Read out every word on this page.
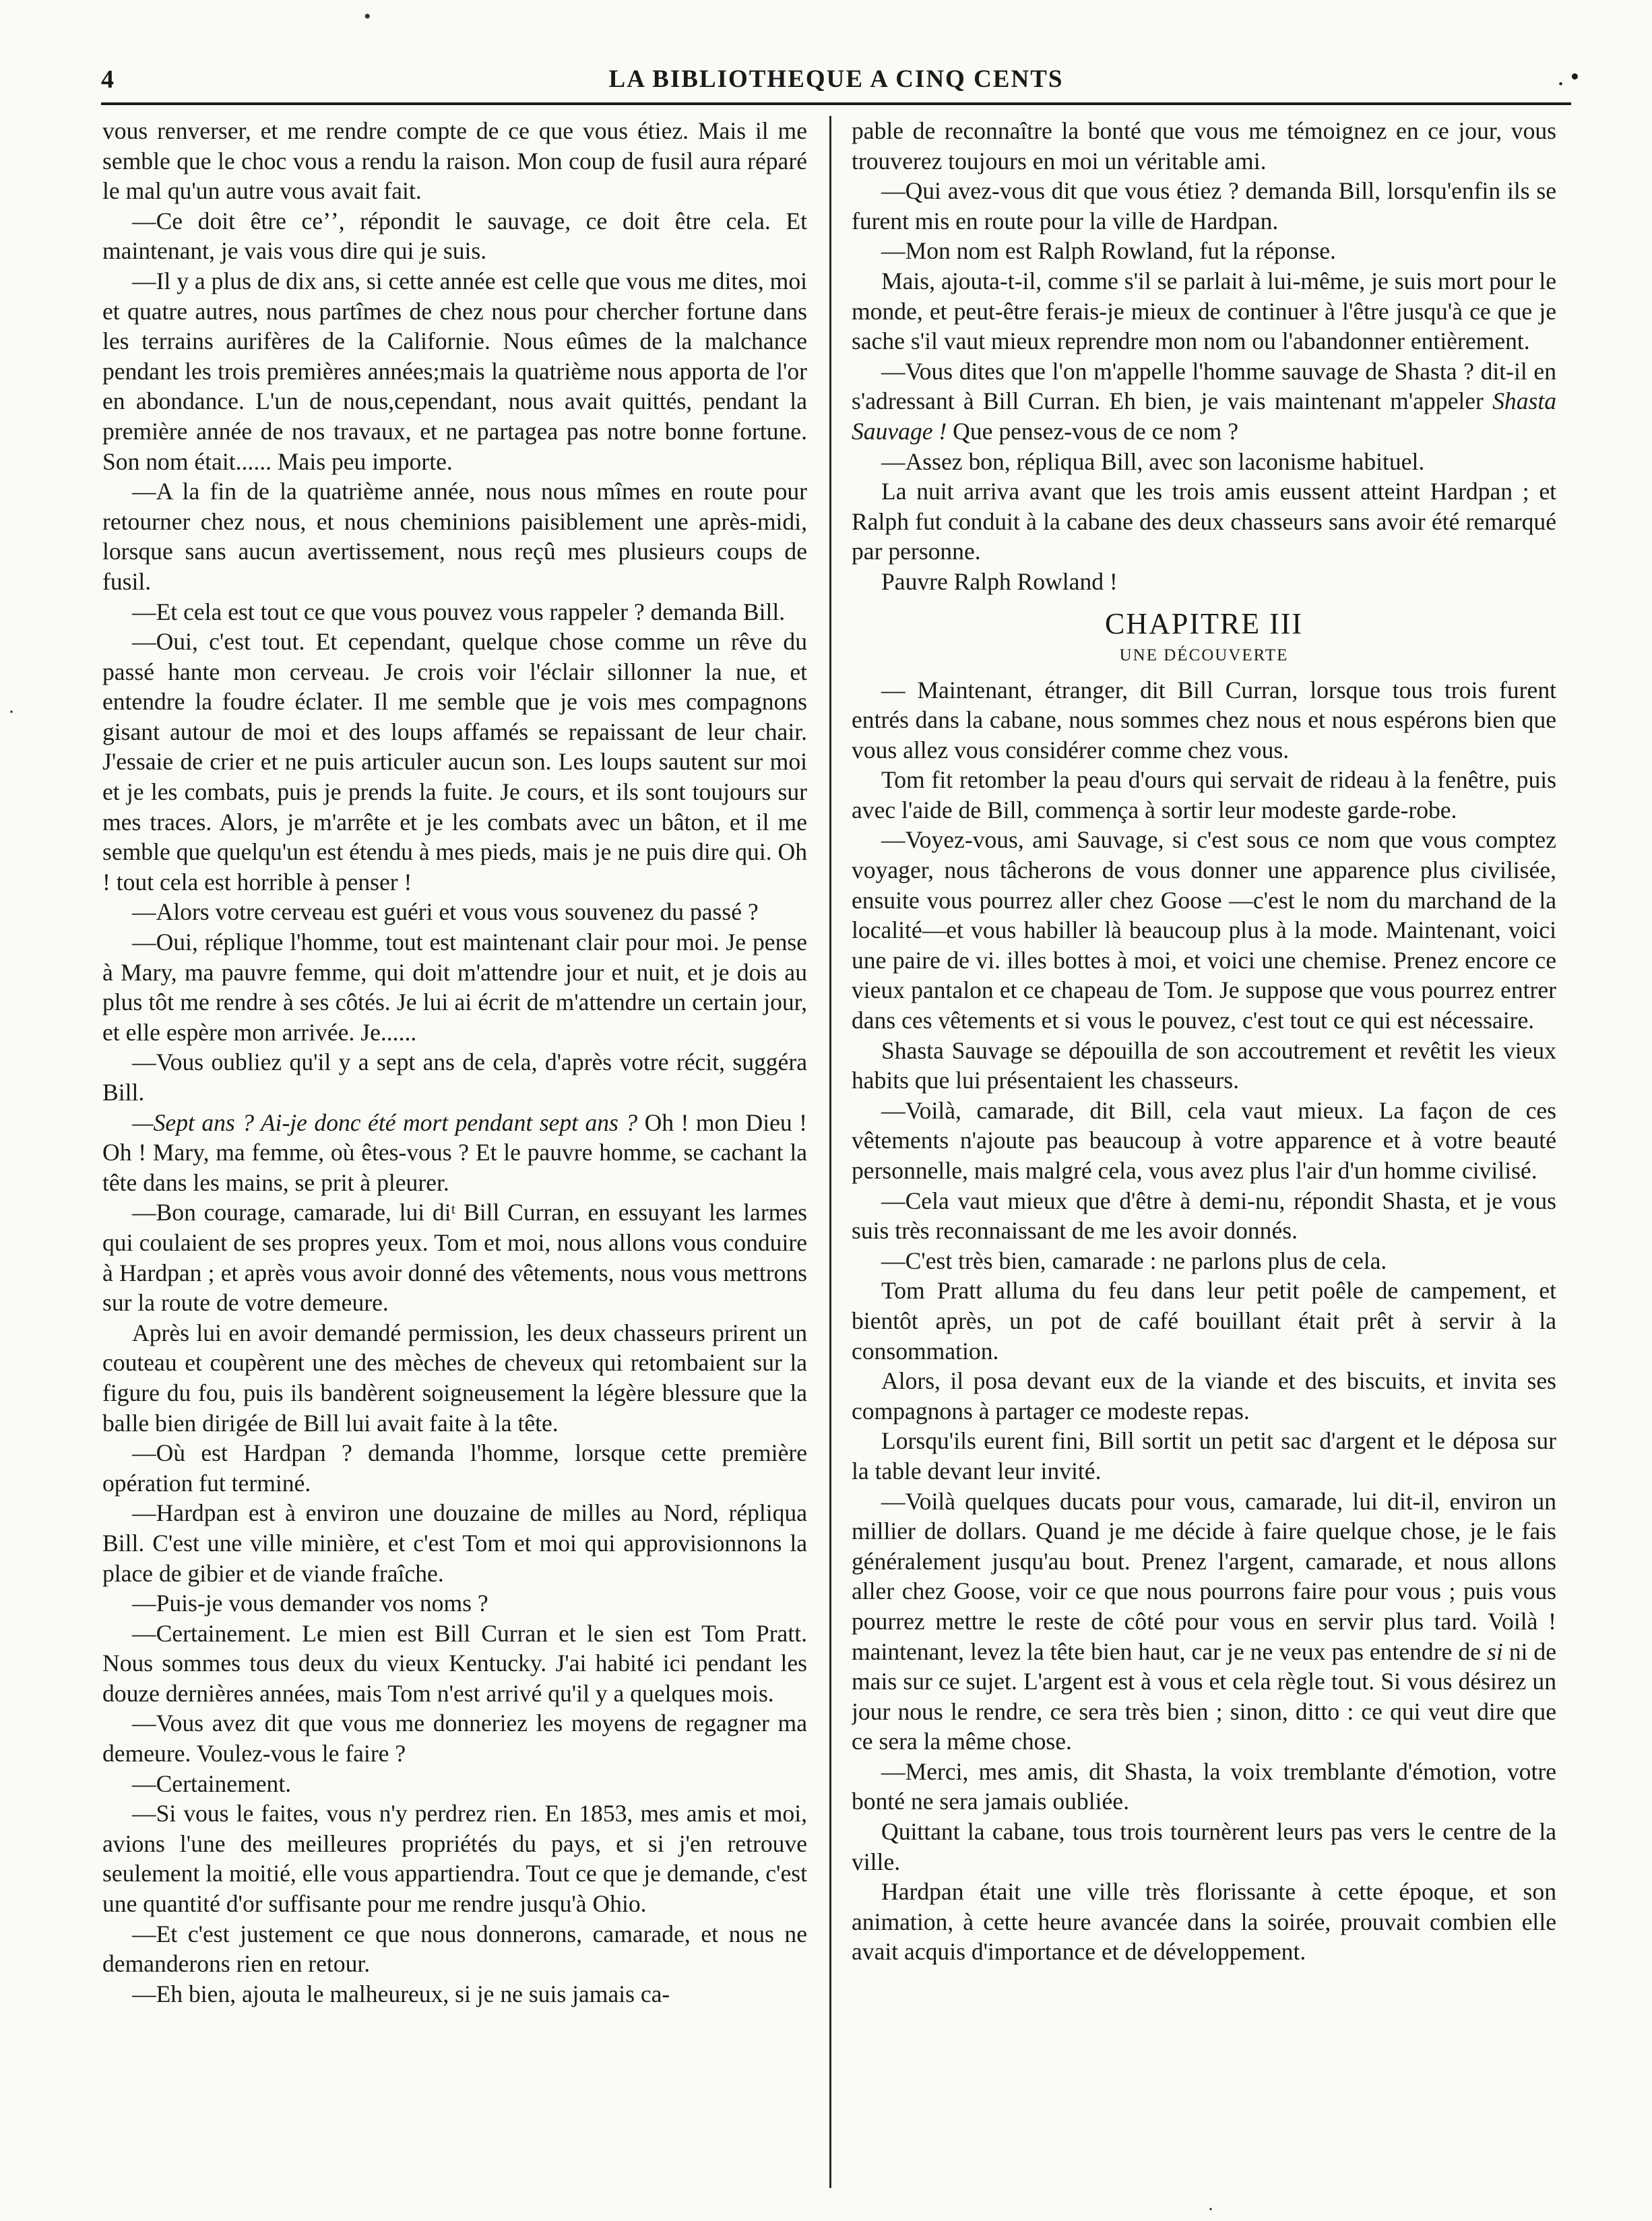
4	LA BIBLIOTHEQUE A CINQ CENTS	. •

vous renverser, et me rendre compte de ce que vous étiez. Mais il me semble que le choc vous a rendu la raison. Mon coup de fusil aura réparé le mal qu'un autre vous avait fait.

—Ce doit être ceʼʼ, répondit le sauvage, ce doit être cela. Et maintenant, je vais vous dire qui je suis.

—Il y a plus de dix ans, si cette année est celle que vous me dites, moi et quatre autres, nous partîmes de chez nous pour chercher fortune dans les terrains aurifères de la Californie. Nous eûmes de la malchance pendant les trois premières années;mais la quatrième nous apporta de l'or en abondance. L'un de nous,cependant, nous avait quittés, pendant la première année de nos travaux, et ne partagea pas notre bonne fortune. Son nom était...... Mais peu importe.

—A la fin de la quatrième année, nous nous mîmes en route pour retourner chez nous, et nous cheminions paisiblement une après-midi, lorsque sans aucun avertissement, nous reçû mes plusieurs coups de fusil.

—Et cela est tout ce que vous pouvez vous rappeler ? demanda Bill.

—Oui, c'est tout. Et cependant, quelque chose comme un rêve du passé hante mon cerveau. Je crois voir l'éclair sillonner la nue, et entendre la foudre éclater. Il me semble que je vois mes compagnons gisant autour de moi et des loups affamés se repaissant de leur chair. J'essaie de crier et ne puis articuler aucun son. Les loups sautent sur moi et je les combats, puis je prends la fuite. Je cours, et ils sont toujours sur mes traces. Alors, je m'arrête et je les combats avec un bâton, et il me semble que quelqu'un est étendu à mes pieds, mais je ne puis dire qui. Oh ! tout cela est horrible à penser !

—Alors votre cerveau est guéri et vous vous souvenez du passé ?

—Oui, réplique l'homme, tout est maintenant clair pour moi. Je pense à Mary, ma pauvre femme, qui doit m'attendre jour et nuit, et je dois au plus tôt me rendre à ses côtés. Je lui ai écrit de m'attendre un certain jour, et elle espère mon arrivée. Je......

—Vous oubliez qu'il y a sept ans de cela, d'après votre récit, suggéra Bill.

—Sept ans ? Ai-je donc été mort pendant sept ans ? Oh ! mon Dieu ! Oh ! Mary, ma femme, où êtes-vous ? Et le pauvre homme, se cachant la tête dans les mains, se prit à pleurer.

—Bon courage, camarade, lui diᵗ Bill Curran, en essuyant les larmes qui coulaient de ses propres yeux. Tom et moi, nous allons vous conduire à Hardpan ; et après vous avoir donné des vêtements, nous vous mettrons sur la route de votre demeure.

Après lui en avoir demandé permission, les deux chasseurs prirent un couteau et coupèrent une des mèches de cheveux qui retombaient sur la figure du fou, puis ils bandèrent soigneusement la légère blessure que la balle bien dirigée de Bill lui avait faite à la tête.

—Où est Hardpan ? demanda l'homme, lorsque cette première opération fut terminé.

—Hardpan est à environ une douzaine de milles au Nord, répliqua Bill. C'est une ville minière, et c'est Tom et moi qui approvisionnons la place de gibier et de viande fraîche.

—Puis-je vous demander vos noms ?

—Certainement. Le mien est Bill Curran et le sien est Tom Pratt. Nous sommes tous deux du vieux Kentucky. J'ai habité ici pendant les douze dernières années, mais Tom n'est arrivé qu'il y a quelques mois.

—Vous avez dit que vous me donneriez les moyens de regagner ma demeure. Voulez-vous le faire ?

—Certainement.

—Si vous le faites, vous n'y perdrez rien. En 1853, mes amis et moi, avions l'une des meilleures propriétés du pays, et si j'en retrouve seulement la moitié, elle vous appartiendra. Tout ce que je demande, c'est une quantité d'or suffisante pour me rendre jusqu'à Ohio.

—Et c'est justement ce que nous donnerons, camarade, et nous ne demanderons rien en retour.

—Eh bien, ajouta le malheureux, si je ne suis jamais ca-

pable de reconnaître la bonté que vous me témoignez en ce jour, vous trouverez toujours en moi un véritable ami.

—Qui avez-vous dit que vous étiez ? demanda Bill, lorsqu'enfin ils se furent mis en route pour la ville de Hardpan.

—Mon nom est Ralph Rowland, fut la réponse.

Mais, ajouta-t-il, comme s'il se parlait à lui-même, je suis mort pour le monde, et peut-être ferais-je mieux de continuer à l'être jusqu'à ce que je sache s'il vaut mieux reprendre mon nom ou l'abandonner entièrement.

—Vous dites que l'on m'appelle l'homme sauvage de Shasta ? dit-il en s'adressant à Bill Curran. Eh bien, je vais maintenant m'appeler Shasta Sauvage ! Que pensez-vous de ce nom ?

—Assez bon, répliqua Bill, avec son laconisme habituel.

La nuit arriva avant que les trois amis eussent atteint Hardpan ; et Ralph fut conduit à la cabane des deux chasseurs sans avoir été remarqué par personne.

Pauvre Ralph Rowland !

CHAPITRE III
UNE DÉCOUVERTE

— Maintenant, étranger, dit Bill Curran, lorsque tous trois furent entrés dans la cabane, nous sommes chez nous et nous espérons bien que vous allez vous considérer comme chez vous.

Tom fit retomber la peau d'ours qui servait de rideau à la fenêtre, puis avec l'aide de Bill, commença à sortir leur modeste garde-robe.

—Voyez-vous, ami Sauvage, si c'est sous ce nom que vous comptez voyager, nous tâcherons de vous donner une apparence plus civilisée, ensuite vous pourrez aller chez Goose —c'est le nom du marchand de la localité—et vous habiller là beaucoup plus à la mode. Maintenant, voici une paire de vi. illes bottes à moi, et voici une chemise. Prenez encore ce vieux pantalon et ce chapeau de Tom. Je suppose que vous pourrez entrer dans ces vêtements et si vous le pouvez, c'est tout ce qui est nécessaire.

Shasta Sauvage se dépouilla de son accoutrement et revêtit les vieux habits que lui présentaient les chasseurs.

—Voilà, camarade, dit Bill, cela vaut mieux. La façon de ces vêtements n'ajoute pas beaucoup à votre apparence et à votre beauté personnelle, mais malgré cela, vous avez plus l'air d'un homme civilisé.

—Cela vaut mieux que d'être à demi-nu, répondit Shasta, et je vous suis très reconnaissant de me les avoir donnés.

—C'est très bien, camarade : ne parlons plus de cela.

Tom Pratt alluma du feu dans leur petit poêle de campement, et bientôt après, un pot de café bouillant était prêt à servir à la consommation.

Alors, il posa devant eux de la viande et des biscuits, et invita ses compagnons à partager ce modeste repas.

Lorsqu'ils eurent fini, Bill sortit un petit sac d'argent et le déposa sur la table devant leur invité.

—Voilà quelques ducats pour vous, camarade, lui dit-il, environ un millier de dollars. Quand je me décide à faire quelque chose, je le fais généralement jusqu'au bout. Prenez l'argent, camarade, et nous allons aller chez Goose, voir ce que nous pourrons faire pour vous ; puis vous pourrez mettre le reste de côté pour vous en servir plus tard. Voilà ! maintenant, levez la tête bien haut, car je ne veux pas entendre de si ni de mais sur ce sujet. L'argent est à vous et cela règle tout. Si vous désirez un jour nous le rendre, ce sera très bien ; sinon, ditto : ce qui veut dire que ce sera la même chose.

—Merci, mes amis, dit Shasta, la voix tremblante d'émotion, votre bonté ne sera jamais oubliée.

Quittant la cabane, tous trois tournèrent leurs pas vers le centre de la ville.

Hardpan était une ville très florissante à cette époque, et son animation, à cette heure avancée dans la soirée, prouvait combien elle avait acquis d'importance et de développement.

•
·
·
